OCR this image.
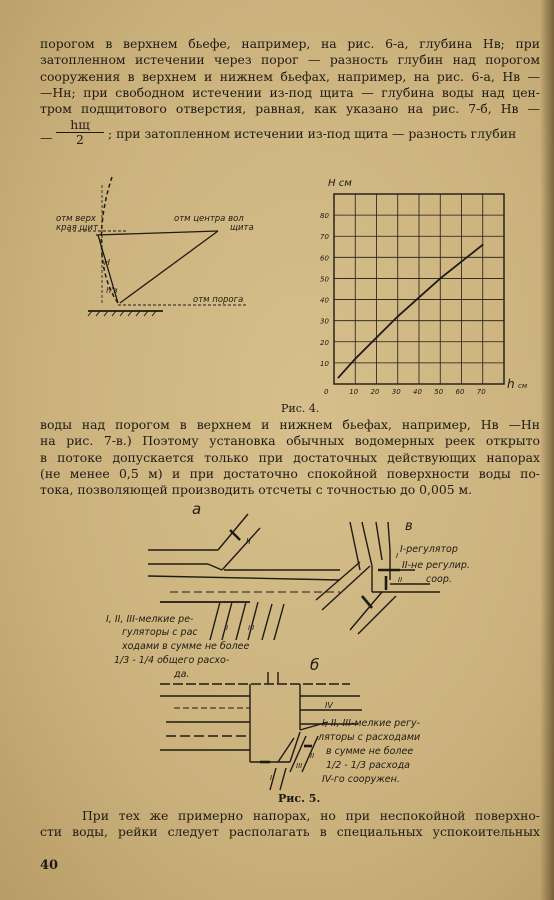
порогом в верхнем бьефе, например, на рис. 6-а, глубина Нв; при
затопленном истечении через порог — разность глубин над порогом
сооружения в верхнем и нижнем бьефах, например, на рис. 6-а, Нв —
—Нн; при свободном истечении из-под щита — глубина воды над цен-
тром подщитового отверстия, равная, как указано на рис. 7-б, Нв —
—
hщ
2	; при затопленном истечении из-под щита — разность глубин
отм верх
края щит
отм центра вол
щита
отм порога
H
h'з
Н см
h см
0	10 20 30 40 50 60 70
10
20
30
40
50
60
70
80
Рис. 4.
воды над порогом в верхнем и нижнем бьефах, например, Нв —Нн
на рис. 7-в.) Поэтому установка обычных водомерных реек открыто
в потоке допускается только при достаточных действующих напорах
(не менее 0,5 м) и при достаточно спокойной поверхности воды по-
тока, позволяющей производить отсчеты с точностью до 0,005 м.
а
II
III
I
I, II, III-мелкие ре-
гуляторы с рас
ходами в сумме не более
1/3 - 1/4 общего расхо-
да.
в
I
II
I-регулятор
II-не регулир.
соор.
б
IV
I
II
III
I, II, III-мелкие регу-
ляторы с расходами
в сумме не более
1/2 - 1/3 расхода
IV-го сооружен.
Рис. 5.
При тех же примерно напорах, но при неспокойной поверхно-
сти воды, рейки следует располагать в специальных успокоительных
40
